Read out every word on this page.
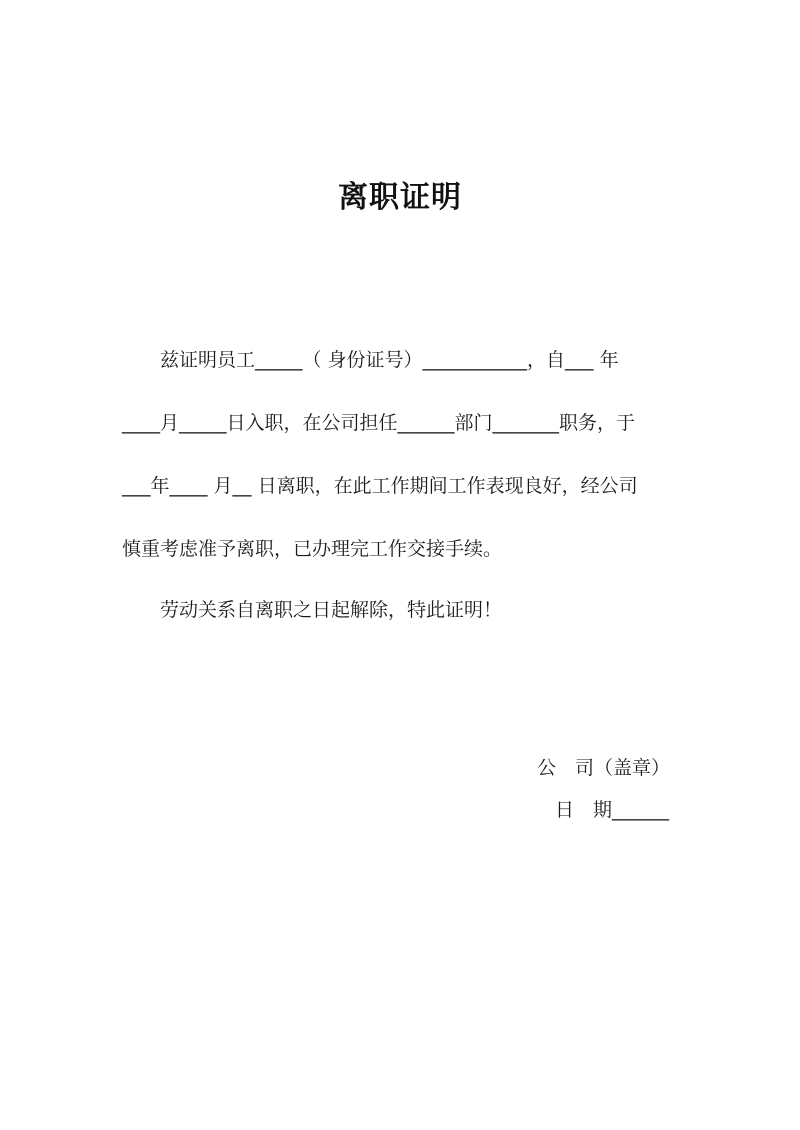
离职证明
兹证明员工_____（ 身份证号）___________，自___ 年
____月_____日入职，在公司担任______部门_______职务，于
___年____ 月__ 日离职，在此工作期间工作表现良好，经公司
慎重考虑准予离职，已办理完工作交接手续。
劳动关系自离职之日起解除，特此证明！
公　司（盖章）
日　期______
